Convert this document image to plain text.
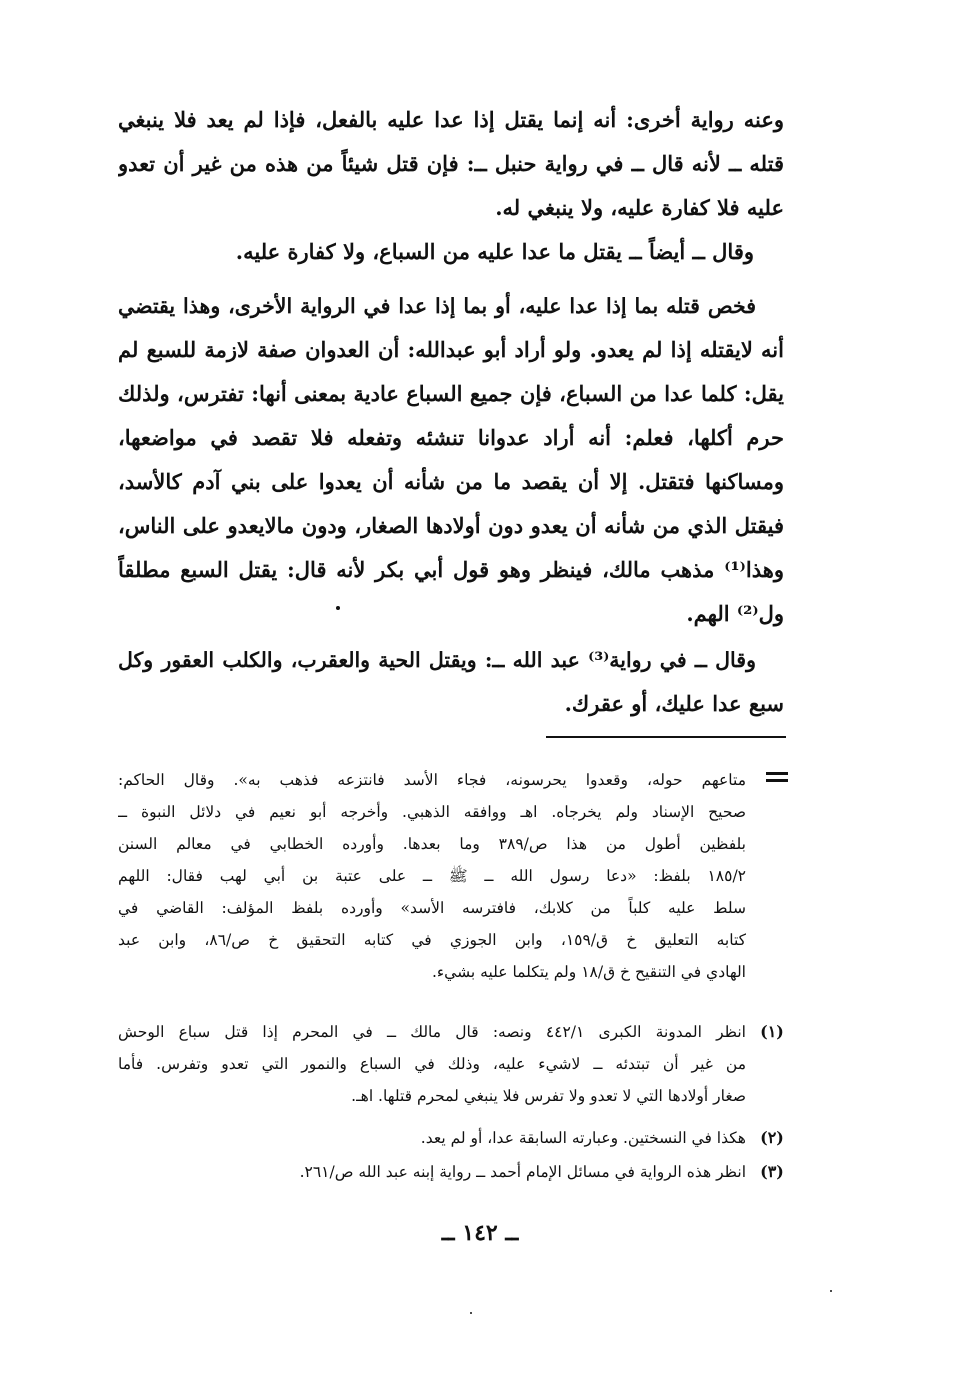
وعنه رواية أخرى: أنه إنما يقتل إذا عدا عليه بالفعل، فإذا لم يعد فلا ينبغي
قتله ــ لأنه قال ــ في رواية حنبل ــ: فإن قتل شيئاً من هذه من غير أن تعدو
عليه فلا كفارة عليه، ولا ينبغي له.
وقال ــ أيضاً ــ يقتل ما عدا عليه من السباع، ولا كفارة عليه.
فخص قتله بما إذا عدا عليه، أو بما إذا عدا في الرواية الأخرى، وهذا يقتضي
أنه لايقتله إذا لم يعدو. ولو أراد أبو عبدالله: أن العدوان صفة لازمة للسبع لم
يقل: كلما عدا من السباع، فإن جميع السباع عادية بمعنى أنها: تفترس، ولذلك
حرم أكلها، فعلم: أنه أراد عدوانا تنشئه وتفعله فلا تقصد في مواضعها،
ومساكنها فتقتل. إلا أن يقصد ما من شأنه أن يعدوا على بني آدم كالأسد،
فيقتل الذي من شأنه أن يعدو دون أولادها الصغار، ودون مالايعدو على الناس،
وهذا⁽¹⁾ مذهب مالك، فينظر وهو قول أبي بكر لأنه قال: يقتل السبع مطلقاً
ول⁽²⁾ الهم.
وقال ــ في رواية⁽³⁾ عبد الله ــ: ويقتل الحية والعقرب، والكلب العقور وكل
سبع عدا عليك، أو عقرك.
متاعهم حوله، وقعدوا يحرسونه، فجاء الأسد فانتزعه فذهب به». وقال الحاكم:
صحيح الإسناد ولم يخرجاه. اهـ ووافقه الذهبي. وأخرجه أبو نعيم في دلائل النبوة ــ
بلفظين أطول من هذا ص/٣٨٩ وما بعدها. وأورده الخطابي في معالم السنن
١٨٥/٢ بلفظ: «دعا رسول الله ــ ﷺ ــ على عتبة بن أبي لهب فقال: اللهم
سلط عليه كلباً من كلابك، فافترسه الأسد» وأورده بلفظ المؤلف: القاضي في
كتابه التعليق خ ق/١٥٩، وابن الجوزي في كتابه التحقيق خ ص/٨٦، وابن عبد
الهادي في التنقيح خ ق/١٨ ولم يتكلما عليه بشيء.
(١)
انظر المدونة الكبرى ٤٤٢/١ ونصه: قال مالك ــ في المحرم إذا قتل سباع الوحش
من غير أن تبتدئه ــ لاشيء عليه، وذلك في السباع والنمور التي تعدو وتفرس. فأما
صغار أولادها التي لا تعدو ولا تفرس فلا ينبغي لمحرم قتلها. اهـ.
(٢)
هكذا في النسختين. وعبارته السابقة عدا، أو لم يعد.
(٣)
انظر هذه الرواية في مسائل الإمام أحمد ــ رواية إبنه عبد الله ص/٢٦١.
ــ ١٤٢ ــ
